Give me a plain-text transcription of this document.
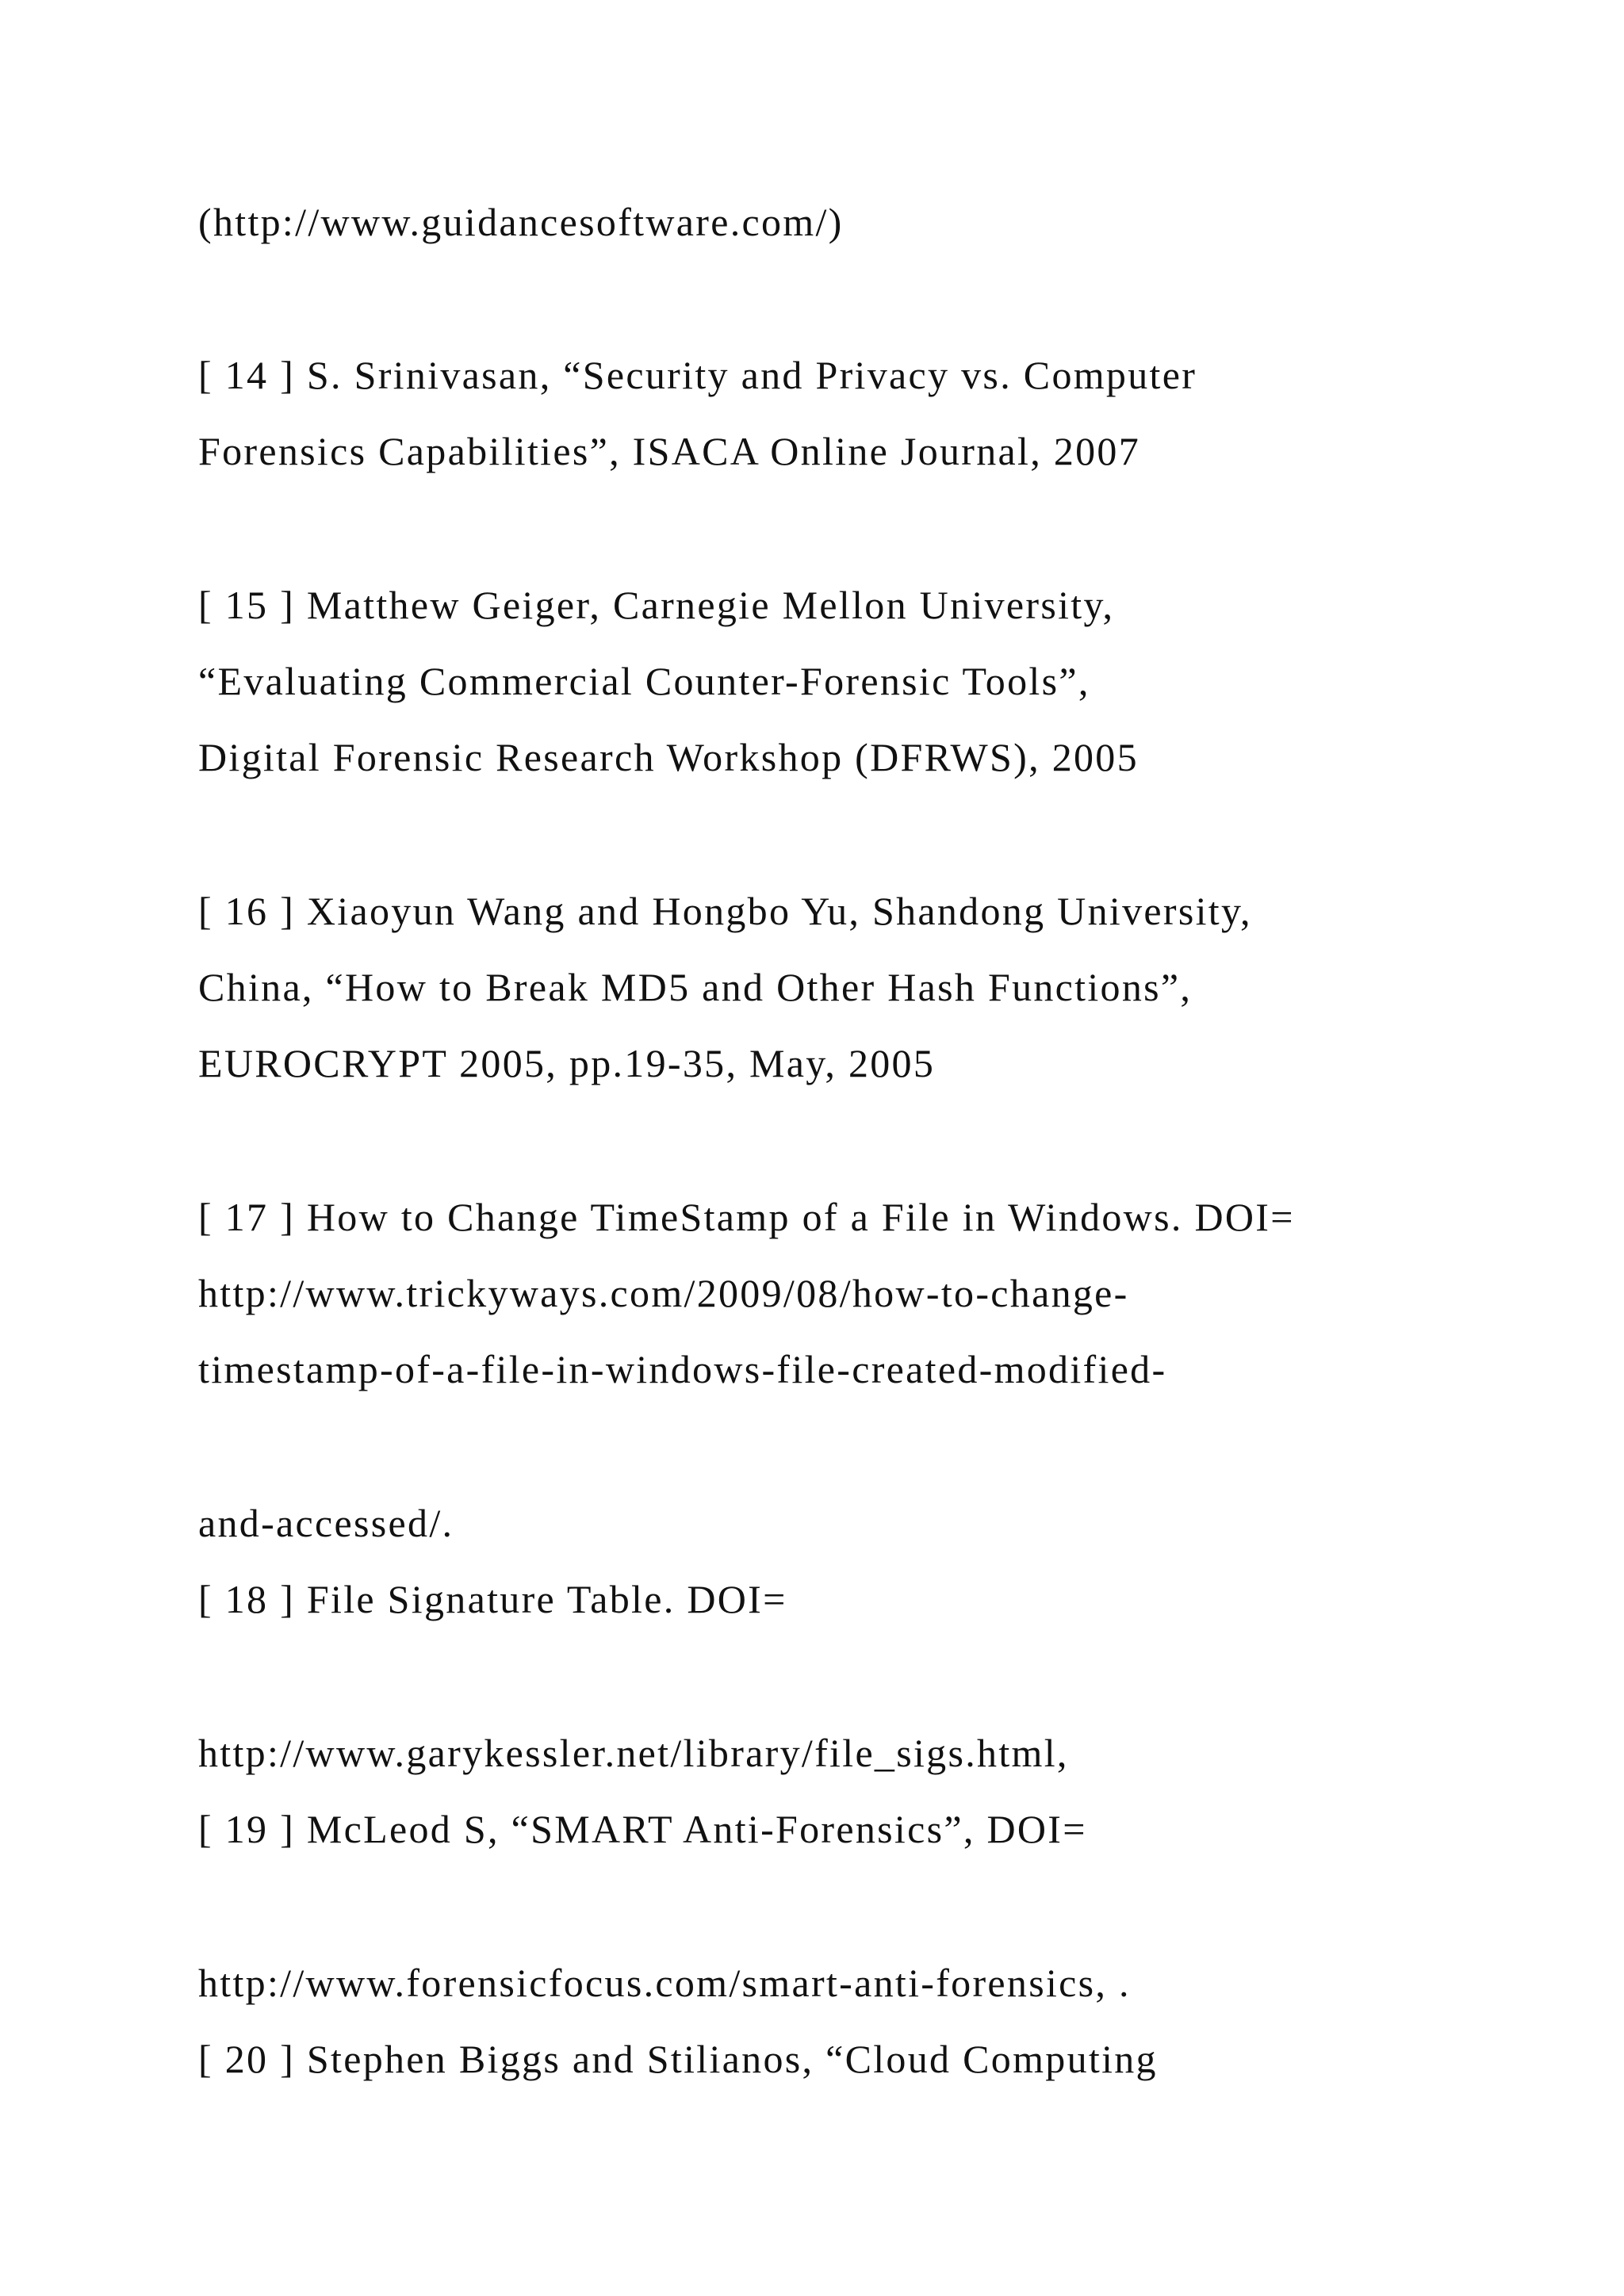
(http://www.guidancesoftware.com/)
[ 14 ] S. Srinivasan, “Security and Privacy vs. Computer
Forensics Capabilities”, ISACA Online Journal, 2007
[ 15 ] Matthew Geiger, Carnegie Mellon University,
“Evaluating Commercial Counter-Forensic Tools”,
Digital Forensic Research Workshop (DFRWS), 2005
[ 16 ] Xiaoyun Wang and Hongbo Yu, Shandong University,
China, “How to Break MD5 and Other Hash Functions”,
EUROCRYPT 2005, pp.19-35, May, 2005
[ 17 ] How to Change TimeStamp of a File in Windows. DOI=
http://www.trickyways.com/2009/08/how-to-change-
timestamp-of-a-file-in-windows-file-created-modified-
and-accessed/.
[ 18 ] File Signature Table. DOI=
http://www.garykessler.net/library/file_sigs.html,
[ 19 ] McLeod S, “SMART Anti-Forensics”, DOI=
http://www.forensicfocus.com/smart-anti-forensics, .
[ 20 ] Stephen Biggs and Stilianos, “Cloud Computing
